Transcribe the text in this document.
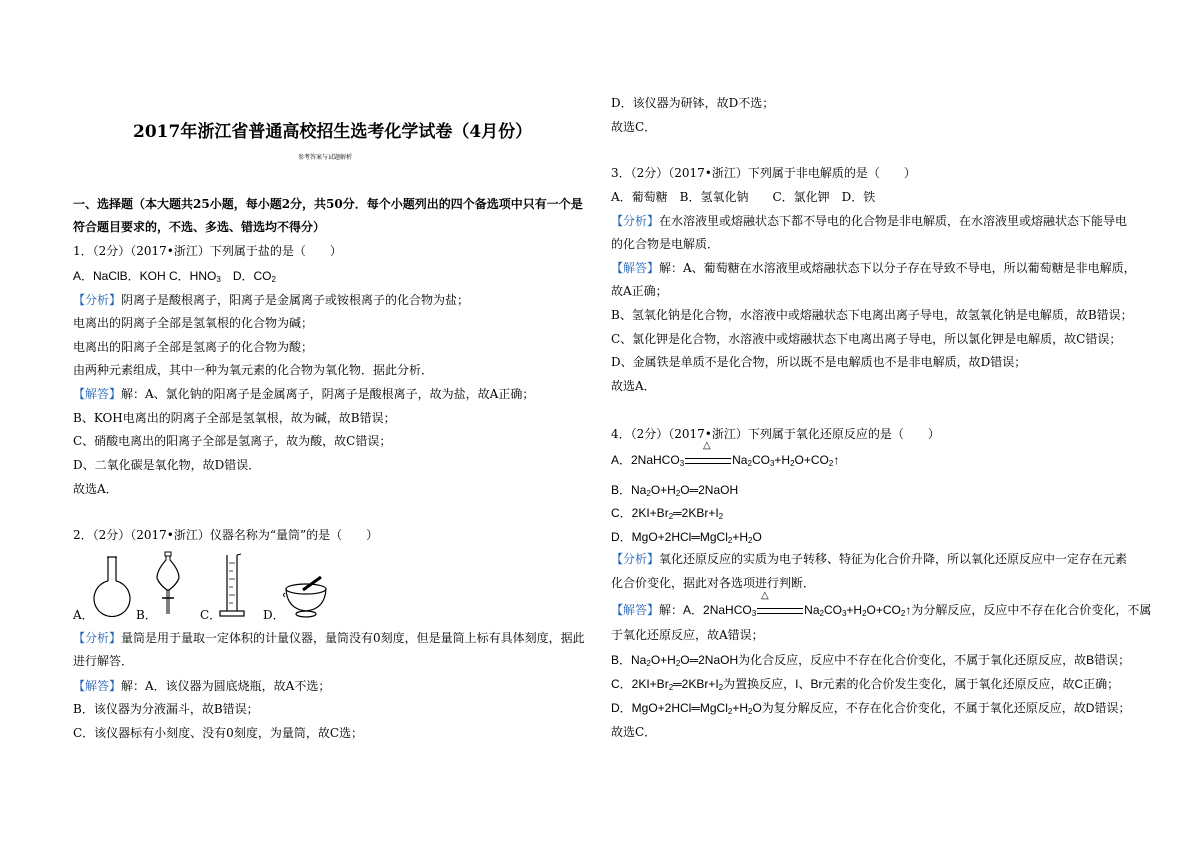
2017年浙江省普通高校招生选考化学试卷（4月份）
参考答案与试题解析
一、选择题（本大题共25小题，每小题2分，共50分．每个小题列出的四个备选项中只有一个是
符合题目要求的，不选、多选、错选均不得分）
1．（2分）（2017•浙江）下列属于盐的是（　　）
A．NaClB．KOH C．$HNO_3$　D．$CO_2$
【分析】阴离子是酸根离子，阳离子是金属离子或铵根离子的化合物为盐；
电离出的阴离子全部是氢氧根的化合物为碱；
电离出的阳离子全部是氢离子的化合物为酸；
由两种元素组成，其中一种为氧元素的化合物为氧化物．据此分析．
【解答】解：A、氯化钠的阳离子是金属离子，阴离子是酸根离子，故为盐，故A正确；
B、KOH电离出的阴离子全部是氢氧根，故为碱，故B错误；
C、硝酸电离出的阳离子全部是氢离子，故为酸，故C错误；
D、二氧化碳是氧化物，故D错误．
故选A．
2．（2分）（2017•浙江）仪器名称为“量筒”的是（　　）
A．	B．	C．	D．
【分析】量筒是用于量取一定体积的计量仪器，量筒没有0刻度，但是量筒上标有具体刻度，据此
进行解答．
【解答】解：A．该仪器为圆底烧瓶，故A不选；
B．该仪器为分液漏斗，故B错误；
C．该仪器标有小刻度、没有0刻度，为量筒，故C选；
D．该仪器为研钵，故D不选；
故选C．
3．（2分）（2017•浙江）下列属于非电解质的是（　　）
A．葡萄糖　B．氢氧化钠　　C．氯化钾　D．铁
【分析】在水溶液里或熔融状态下都不导电的化合物是非电解质，在水溶液里或熔融状态下能导电
的化合物是电解质．
【解答】解：A、葡萄糖在水溶液里或熔融状态下以分子存在导致不导电，所以葡萄糖是非电解质，
故A正确；
B、氢氧化钠是化合物，水溶液中或熔融状态下电离出离子导电，故氢氧化钠是电解质，故B错误；
C、氯化钾是化合物，水溶液中或熔融状态下电离出离子导电，所以氯化钾是电解质，故C错误；
D、金属铁是单质不是化合物，所以既不是电解质也不是非电解质，故D错误；
故选A．
4．（2分）（2017•浙江）下列属于氧化还原反应的是（　　）
△
A．2NaHCO$_3$	$Na_2CO_3+H_2O+CO_2↑$
B．$Na_2O+H_2O═2NaOH$
C．$2KI+Br_2═2KBr+I_2$
D．$MgO+2HCl═MgCl_2+H_2O$
【分析】氧化还原反应的实质为电子转移、特征为化合价升降，所以氧化还原反应中一定存在元素
化合价变化，据此对各选项进行判断．
△
【解答】解：A．2NaHCO$_3$	$Na_2CO_3+H_2O+CO_2↑$为分解反应，反应中不存在化合价变化，不属
于氧化还原反应，故A错误；
B．$Na_2O+H_2O═2NaOH$为化合反应，反应中不存在化合价变化，不属于氧化还原反应，故B错误；
C．$2KI+Br_2═2KBr+I_2$为置换反应，I、Br元素的化合价发生变化，属于氧化还原反应，故C正确；
D．$MgO+2HCl═MgCl_2+H_2O$为复分解反应，不存在化合价变化，不属于氧化还原反应，故D错误；
故选C．
